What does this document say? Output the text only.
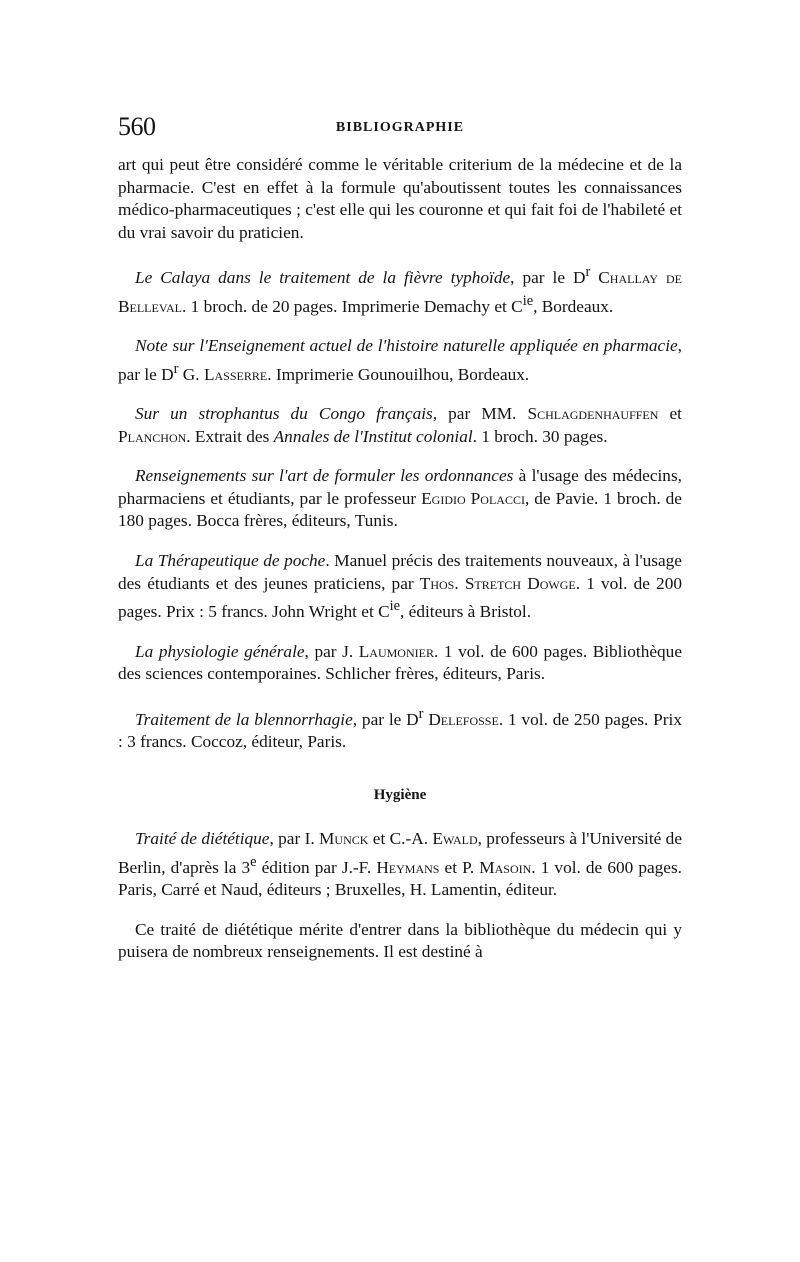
560	BIBLIOGRAPHIE

art qui peut être considéré comme le véritable criterium de la médecine et de la pharmacie. C'est en effet à la formule qu'aboutissent toutes les connaissances médico-pharmaceutiques ; c'est elle qui les couronne et qui fait foi de l'habileté et du vrai savoir du praticien.

Le Calaya dans le traitement de la fièvre typhoïde, par le $D^r$ Challay de Belleval. 1 broch. de 20 pages. Imprimerie Demachy et $C^{ie}$, Bordeaux.

Note sur l'Enseignement actuel de l'histoire naturelle appliquée en pharmacie, par le $D^r$ G. Lasserre. Imprimerie Gounouilhou, Bordeaux.

Sur un strophantus du Congo français, par MM. Schlagdenhauffen et Planchon. Extrait des Annales de l'Institut colonial. 1 broch. 30 pages.

Renseignements sur l'art de formuler les ordonnances à l'usage des médecins, pharmaciens et étudiants, par le professeur Egidio Polacci, de Pavie. 1 broch. de 180 pages. Bocca frères, éditeurs, Tunis.

La Thérapeutique de poche. Manuel précis des traitements nouveaux, à l'usage des étudiants et des jeunes praticiens, par Thos. Stretch Dowge. 1 vol. de 200 pages. Prix : 5 francs. John Wright et $C^{ie}$, éditeurs à Bristol.

La physiologie générale, par J. Laumonier. 1 vol. de 600 pages. Bibliothèque des sciences contemporaines. Schlicher frères, éditeurs, Paris.

Traitement de la blennorrhagie, par le $D^r$ Delefosse. 1 vol. de 250 pages. Prix : 3 francs. Coccoz, éditeur, Paris.

Hygiène

Traité de diététique, par I. Munck et C.-A. Ewald, professeurs à l'Université de Berlin, d'après la 3e édition par J.-F. Heymans et P. Masoin. 1 vol. de 600 pages. Paris, Carré et Naud, éditeurs ; Bruxelles, H. Lamentin, éditeur.

Ce traité de diététique mérite d'entrer dans la bibliothèque du médecin qui y puisera de nombreux renseignements. Il est destiné à
